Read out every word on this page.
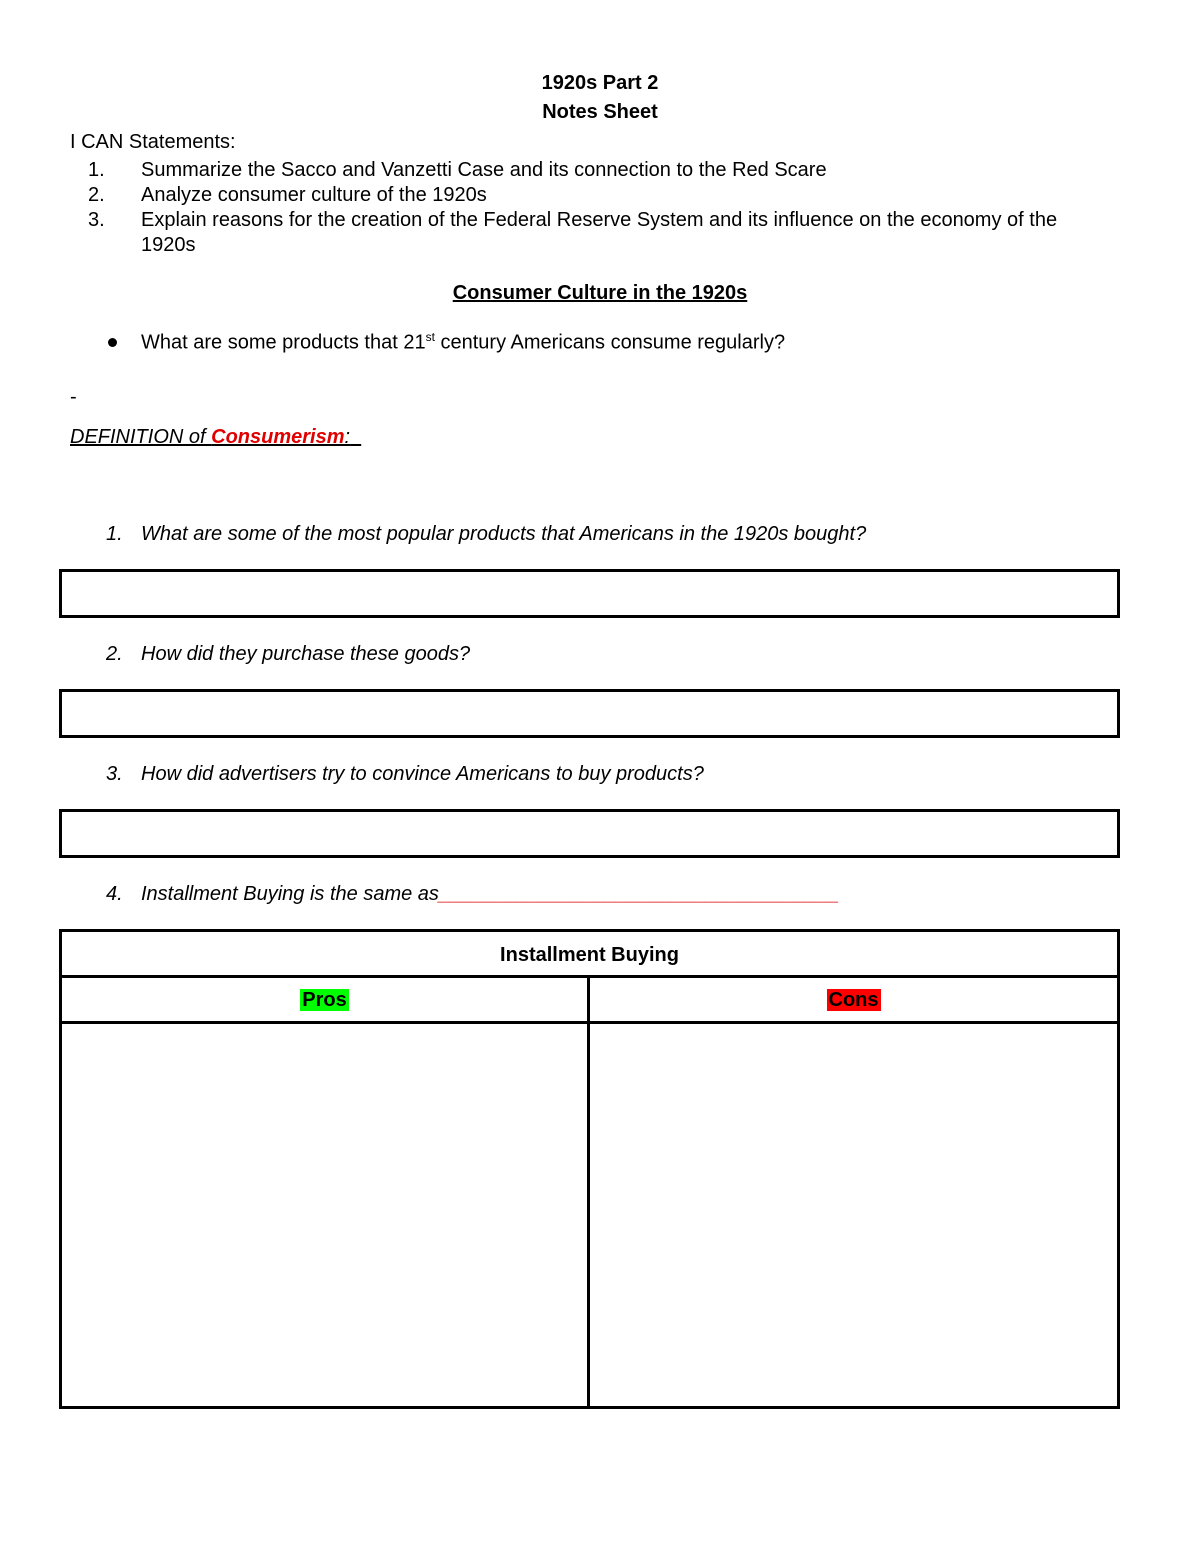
1920s Part 2
Notes Sheet
I CAN Statements:
1. Summarize the Sacco and Vanzetti Case and its connection to the Red Scare
2. Analyze consumer culture of the 1920s
3. Explain reasons for the creation of the Federal Reserve System and its influence on the economy of the
1920s
Consumer Culture in the 1920s
What are some products that 21st century Americans consume regularly?
-
DEFINITION of Consumerism:
1. What are some of the most popular products that Americans in the 1920s bought?
2. How did they purchase these goods?
3. How did advertisers try to convince Americans to buy products?
4. Installment Buying is the same as____________________________________
Installment Buying
Pros	Cons
